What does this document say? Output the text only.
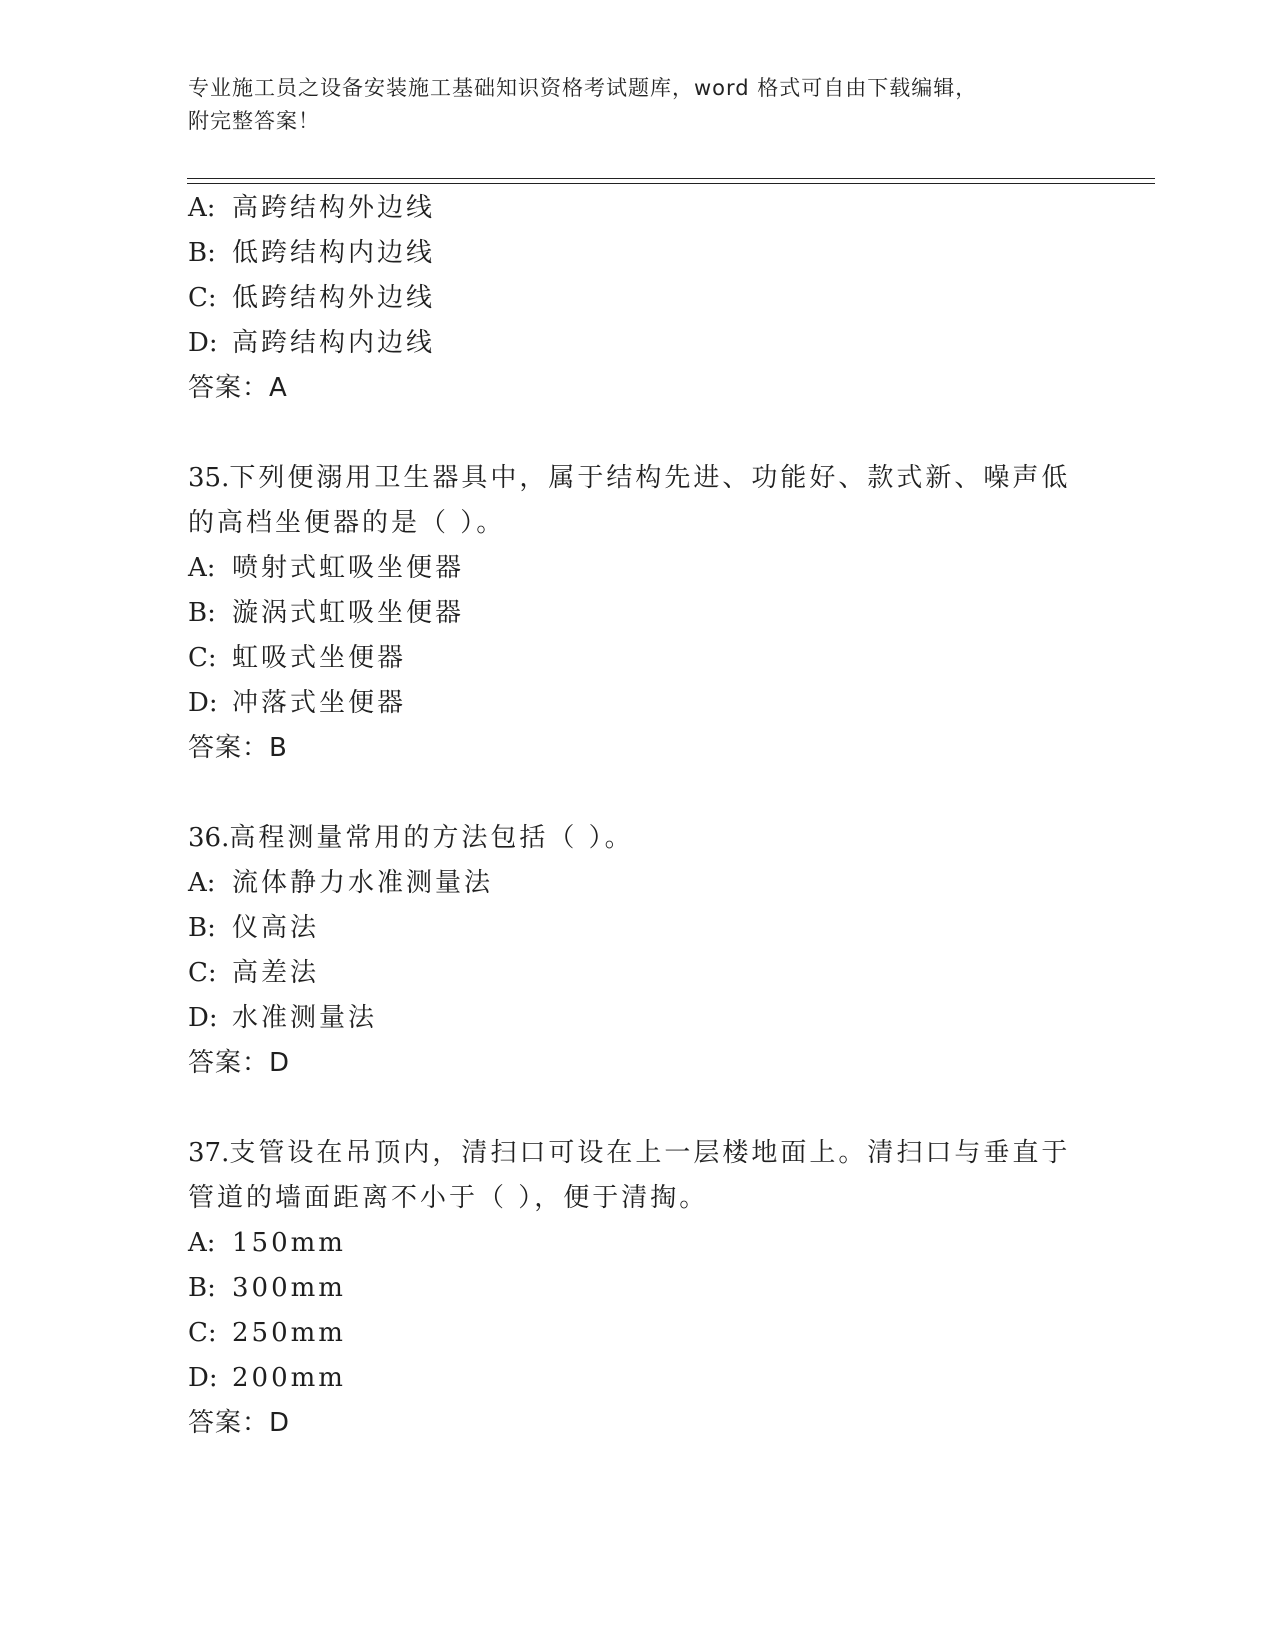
专业施工员之设备安装施工基础知识资格考试题库，word 格式可自由下载编辑，
附完整答案！
A: 高跨结构外边线
B: 低跨结构内边线
C: 低跨结构外边线
D: 高跨结构内边线
答案：A
35.下列便溺用卫生器具中，属于结构先进、功能好、款式新、噪声低
的高档坐便器的是（ ）。
A: 喷射式虹吸坐便器
B: 漩涡式虹吸坐便器
C: 虹吸式坐便器
D: 冲落式坐便器
答案：B
36.高程测量常用的方法包括（ ）。
A: 流体静力水准测量法
B: 仪高法
C: 高差法
D: 水准测量法
答案：D
37.支管设在吊顶内，清扫口可设在上一层楼地面上。清扫口与垂直于
管道的墙面距离不小于（ ），便于清掏。
A: 150mm
B: 300mm
C: 250mm
D: 200mm
答案：D
